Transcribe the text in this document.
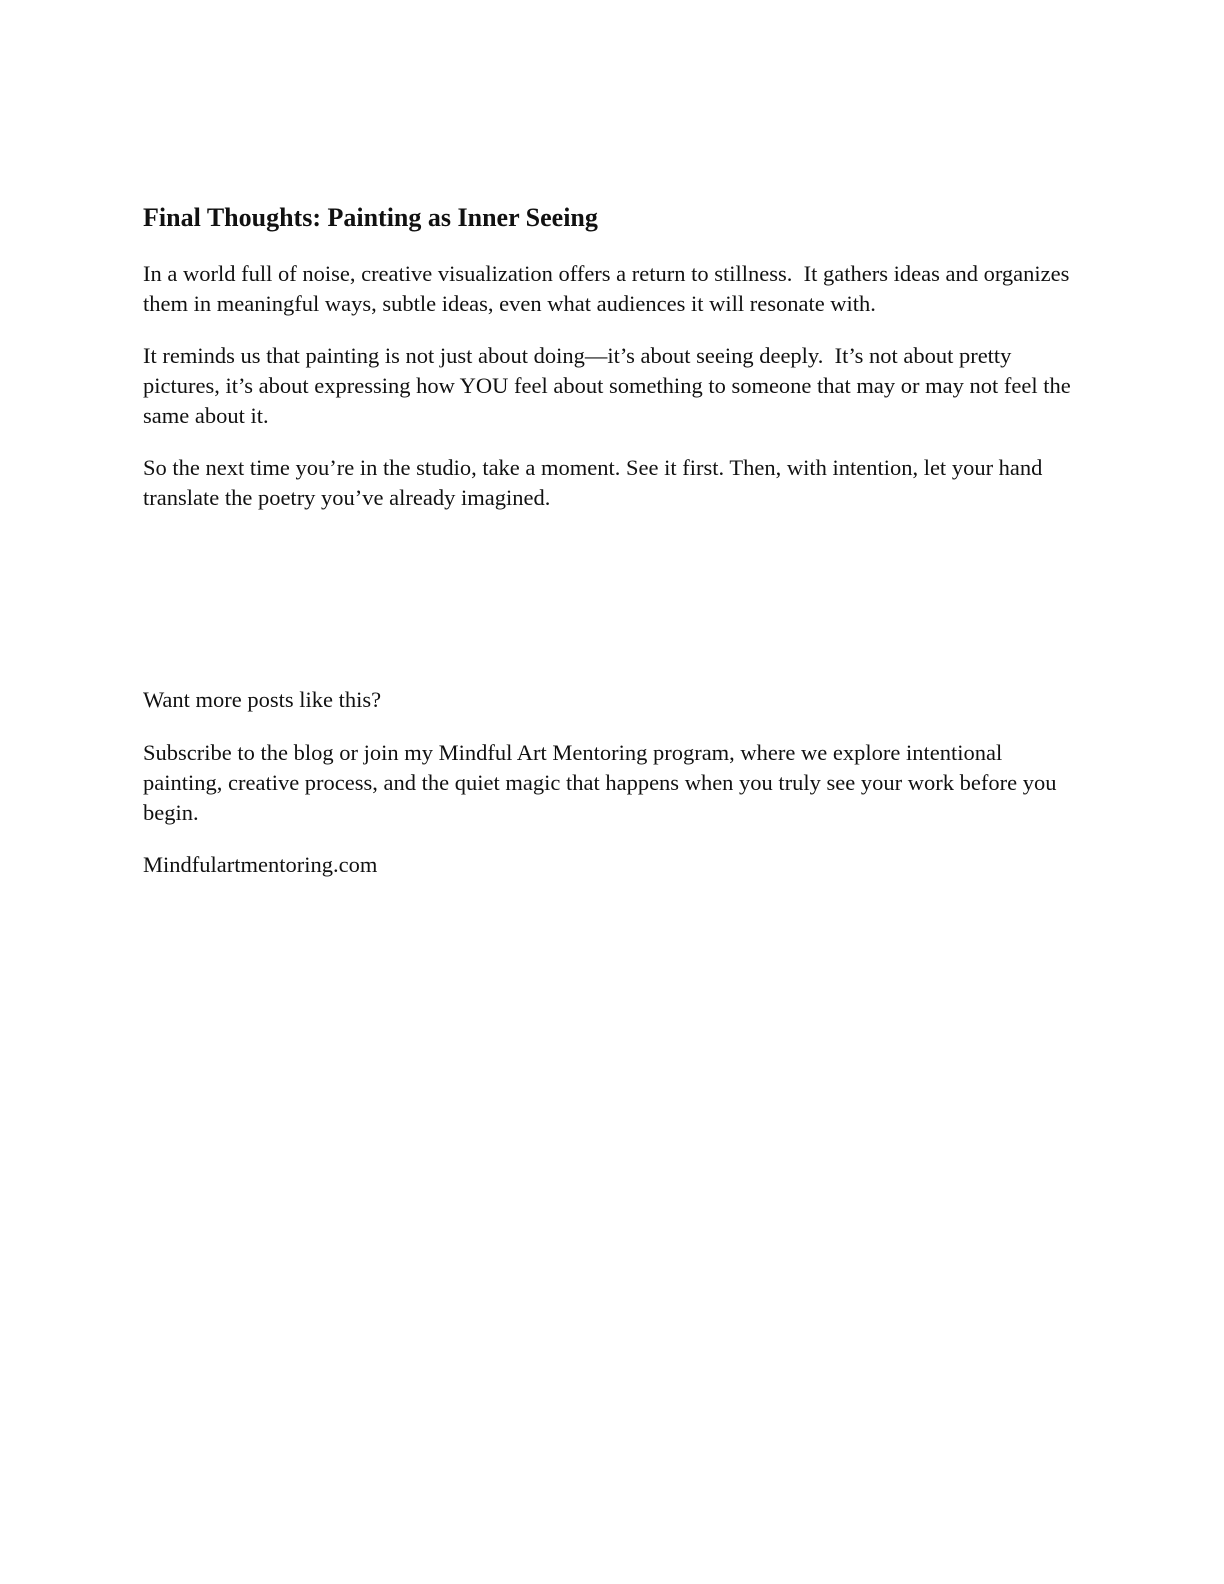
Final Thoughts: Painting as Inner Seeing

In a world full of noise, creative visualization offers a return to stillness.  It gathers ideas and organizes them in meaningful ways, subtle ideas, even what audiences it will resonate with.

It reminds us that painting is not just about doing—it’s about seeing deeply.  It’s not about pretty pictures, it’s about expressing how YOU feel about something to someone that may or may not feel the same about it.

So the next time you’re in the studio, take a moment. See it first. Then, with intention, let your hand translate the poetry you’ve already imagined.

Want more posts like this?

Subscribe to the blog or join my Mindful Art Mentoring program, where we explore intentional painting, creative process, and the quiet magic that happens when you truly see your work before you begin.

Mindfulartmentoring.com
